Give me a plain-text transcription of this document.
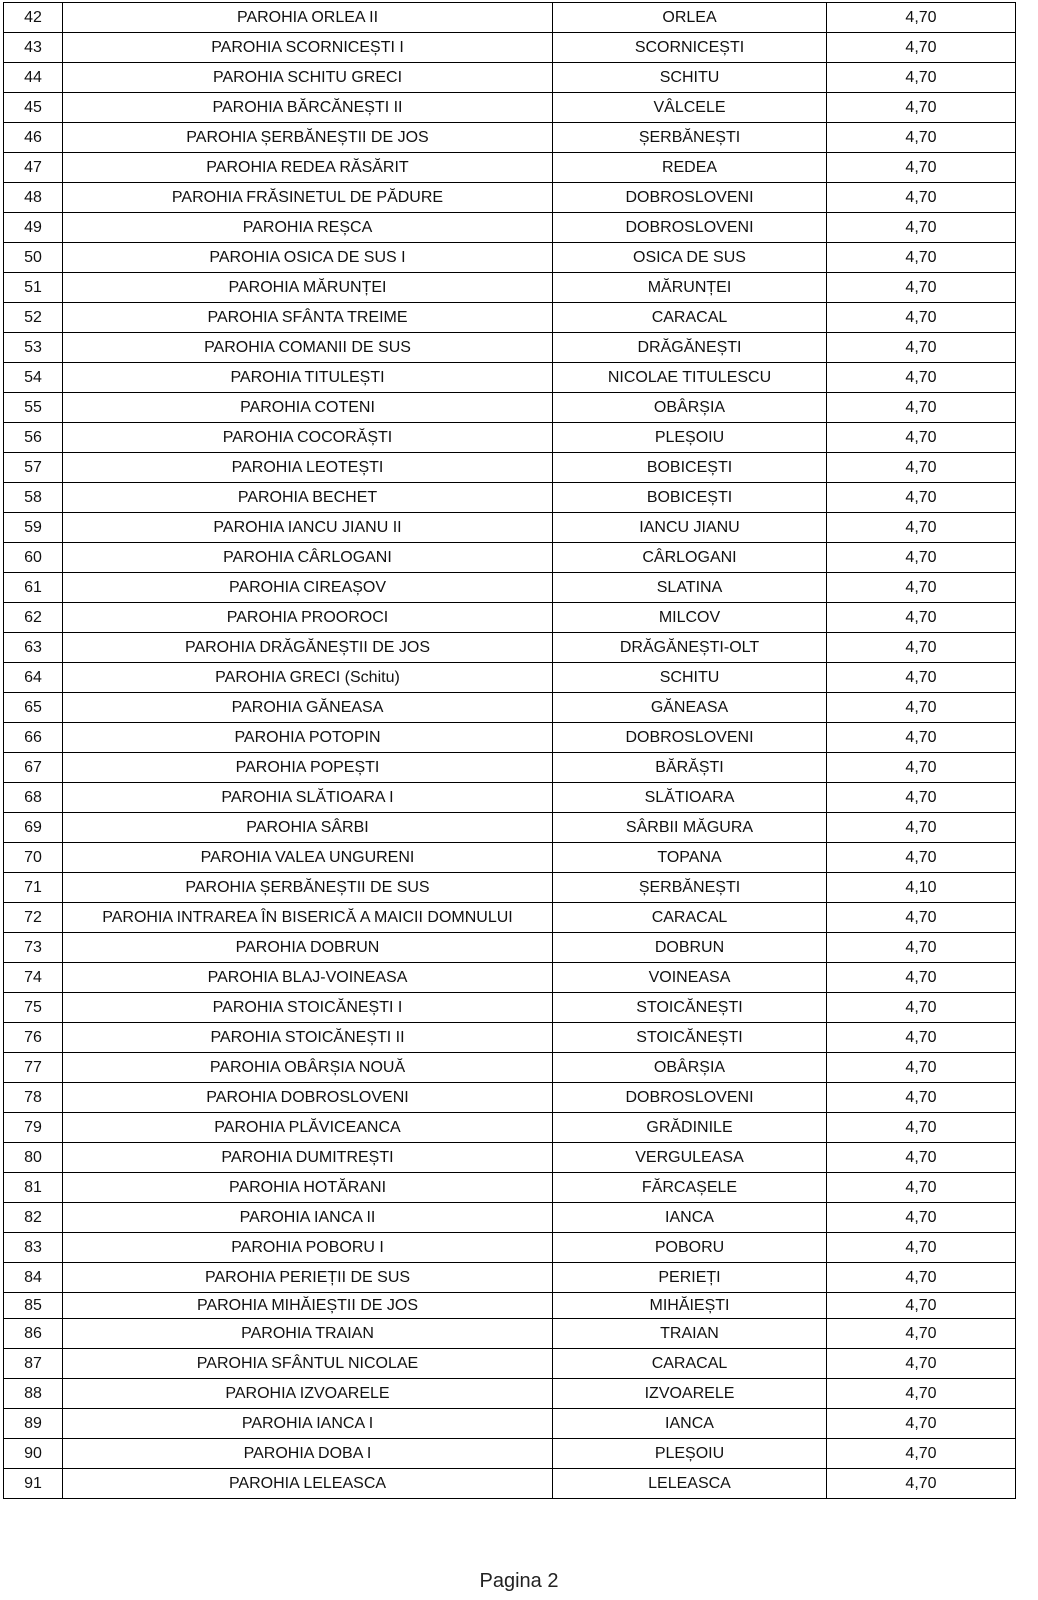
42	PAROHIA ORLEA II	ORLEA	4,70
43	PAROHIA SCORNICEȘTI I	SCORNICEȘTI	4,70
44	PAROHIA SCHITU GRECI	SCHITU	4,70
45	PAROHIA BĂRCĂNEȘTI II	VÂLCELE	4,70
46	PAROHIA ȘERBĂNEȘTII DE JOS	ȘERBĂNEȘTI	4,70
47	PAROHIA REDEA RĂSĂRIT	REDEA	4,70
48	PAROHIA FRĂSINETUL DE PĂDURE	DOBROSLOVENI	4,70
49	PAROHIA REȘCA	DOBROSLOVENI	4,70
50	PAROHIA OSICA DE SUS I	OSICA DE SUS	4,70
51	PAROHIA MĂRUNȚEI	MĂRUNȚEI	4,70
52	PAROHIA SFÂNTA TREIME	CARACAL	4,70
53	PAROHIA COMANII DE SUS	DRĂGĂNEȘTI	4,70
54	PAROHIA TITULEȘTI	NICOLAE TITULESCU	4,70
55	PAROHIA COTENI	OBÂRȘIA	4,70
56	PAROHIA COCORĂȘTI	PLEȘOIU	4,70
57	PAROHIA LEOTEȘTI	BOBICEȘTI	4,70
58	PAROHIA BECHET	BOBICEȘTI	4,70
59	PAROHIA IANCU JIANU II	IANCU JIANU	4,70
60	PAROHIA CÂRLOGANI	CÂRLOGANI	4,70
61	PAROHIA CIREAȘOV	SLATINA	4,70
62	PAROHIA PROOROCI	MILCOV	4,70
63	PAROHIA DRĂGĂNEȘTII DE JOS	DRĂGĂNEȘTI-OLT	4,70
64	PAROHIA GRECI (Schitu)	SCHITU	4,70
65	PAROHIA GĂNEASA	GĂNEASA	4,70
66	PAROHIA POTOPIN	DOBROSLOVENI	4,70
67	PAROHIA POPEȘTI	BĂRĂȘTI	4,70
68	PAROHIA SLĂTIOARA I	SLĂTIOARA	4,70
69	PAROHIA SÂRBI	SÂRBII MĂGURA	4,70
70	PAROHIA VALEA UNGURENI	TOPANA	4,70
71	PAROHIA ȘERBĂNEȘTII DE SUS	ȘERBĂNEȘTI	4,10
72	PAROHIA INTRAREA ÎN BISERICĂ A MAICII DOMNULUI	CARACAL	4,70
73	PAROHIA DOBRUN	DOBRUN	4,70
74	PAROHIA BLAJ-VOINEASA	VOINEASA	4,70
75	PAROHIA STOICĂNEȘTI I	STOICĂNEȘTI	4,70
76	PAROHIA STOICĂNEȘTI II	STOICĂNEȘTI	4,70
77	PAROHIA OBÂRȘIA NOUĂ	OBÂRȘIA	4,70
78	PAROHIA DOBROSLOVENI	DOBROSLOVENI	4,70
79	PAROHIA PLĂVICEANCA	GRĂDINILE	4,70
80	PAROHIA DUMITREȘTI	VERGULEASA	4,70
81	PAROHIA HOTĂRANI	FĂRCAȘELE	4,70
82	PAROHIA IANCA II	IANCA	4,70
83	PAROHIA POBORU I	POBORU	4,70
84	PAROHIA PERIEȚII DE SUS	PERIEȚI	4,70
85	PAROHIA MIHĂIEȘTII DE JOS	MIHĂIEȘTI	4,70
86	PAROHIA TRAIAN	TRAIAN	4,70
87	PAROHIA SFÂNTUL NICOLAE	CARACAL	4,70
88	PAROHIA IZVOARELE	IZVOARELE	4,70
89	PAROHIA IANCA I	IANCA	4,70
90	PAROHIA DOBA I	PLEȘOIU	4,70
91	PAROHIA LELEASCA	LELEASCA	4,70
Pagina 2
